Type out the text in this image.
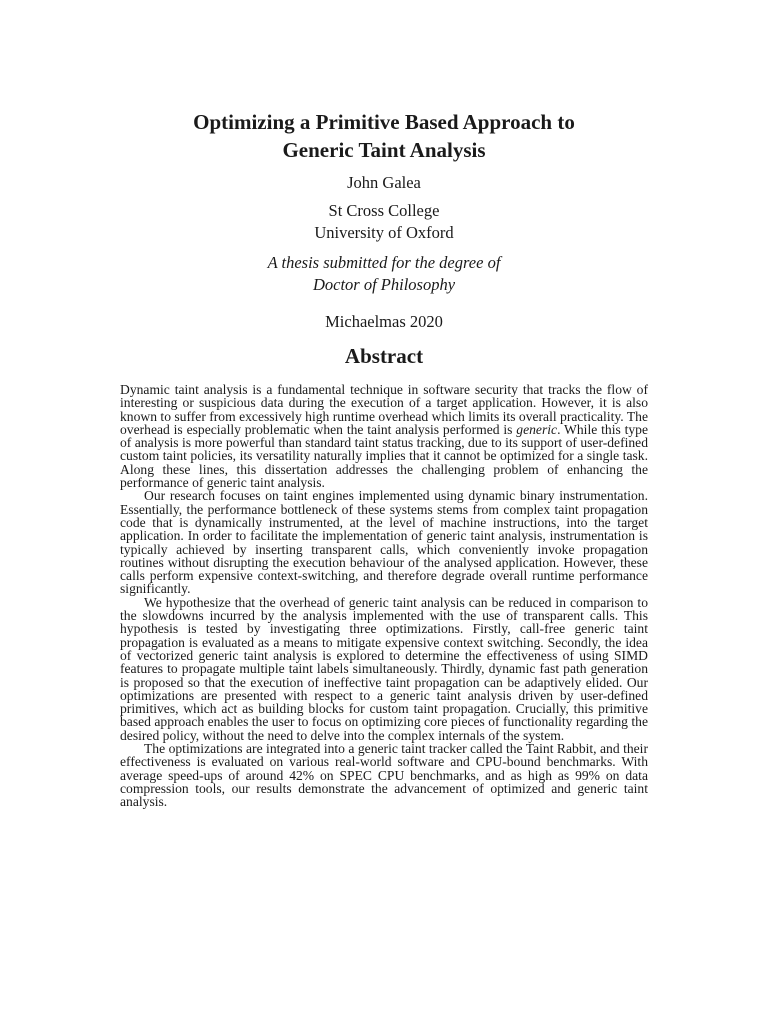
Optimizing a Primitive Based Approach to
Generic Taint Analysis

John Galea

St Cross College

University of Oxford

A thesis submitted for the degree of

Doctor of Philosophy

Michaelmas 2020

Abstract

Dynamic taint analysis is a fundamental technique in software security that tracks the flow of interesting or suspicious data during the execution of a target application. However, it is also known to suffer from excessively high runtime overhead which limits its overall practicality. The overhead is especially problematic when the taint analysis performed is generic. While this type of analysis is more powerful than standard taint status tracking, due to its support of user-defined custom taint policies, its versatility naturally implies that it cannot be optimized for a single task. Along these lines, this dissertation addresses the challenging problem of enhancing the performance of generic taint analysis.

Our research focuses on taint engines implemented using dynamic binary instrumentation. Essentially, the performance bottleneck of these systems stems from complex taint propagation code that is dynamically instrumented, at the level of machine instructions, into the target application. In order to facilitate the implementation of generic taint analysis, instrumentation is typically achieved by inserting transparent calls, which conveniently invoke propagation routines without disrupting the execution behaviour of the analysed application. However, these calls perform expensive context-switching, and therefore degrade overall runtime performance significantly.

We hypothesize that the overhead of generic taint analysis can be reduced in comparison to the slowdowns incurred by the analysis implemented with the use of transparent calls. This hypothesis is tested by investigating three optimizations. Firstly, call-free generic taint propagation is evaluated as a means to mitigate expensive context switching. Secondly, the idea of vectorized generic taint analysis is explored to determine the effectiveness of using SIMD features to propagate multiple taint labels simultaneously. Thirdly, dynamic fast path generation is proposed so that the execution of ineffective taint propagation can be adaptively elided. Our optimizations are presented with respect to a generic taint analysis driven by user-defined primitives, which act as building blocks for custom taint propagation. Crucially, this primitive based approach enables the user to focus on optimizing core pieces of functionality regarding the desired policy, without the need to delve into the complex internals of the system.

The optimizations are integrated into a generic taint tracker called the Taint Rabbit, and their effectiveness is evaluated on various real-world software and CPU-bound benchmarks. With average speed-ups of around 42% on SPEC CPU benchmarks, and as high as 99% on data compression tools, our results demonstrate the advancement of optimized and generic taint analysis.
